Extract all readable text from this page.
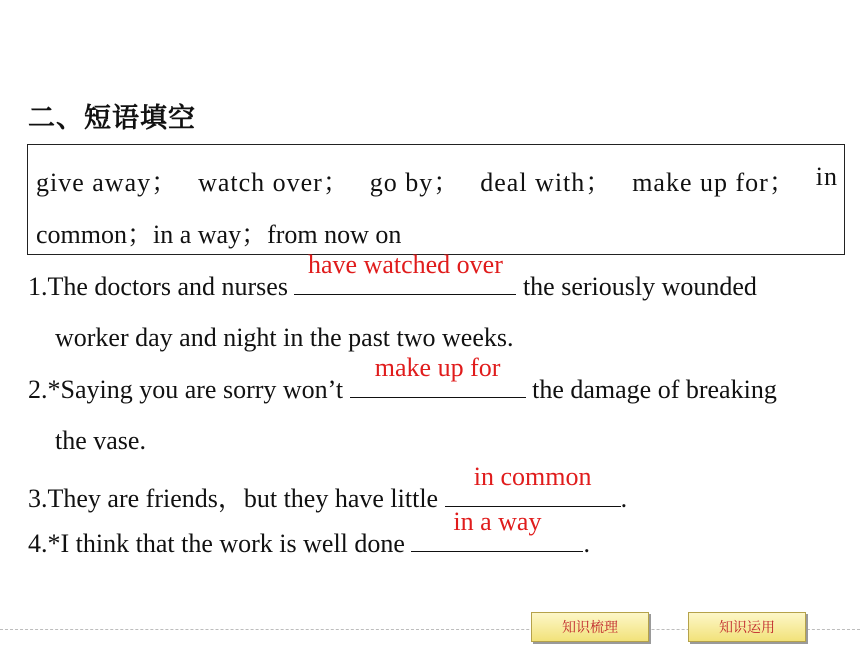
二、短语填空
give away； watch over； go by； deal with； make up for； in
common；in a way；from now on
1.The doctors and nurses
have watched over
the seriously wounded
worker day and night in the past two weeks.
2.*Saying you are sorry won’t
make up for
the damage of breaking
the vase.
3.They are friends，but they have little
in common
.
4.*I think that the work is well done
in a way
.
知识梳理	知识运用
